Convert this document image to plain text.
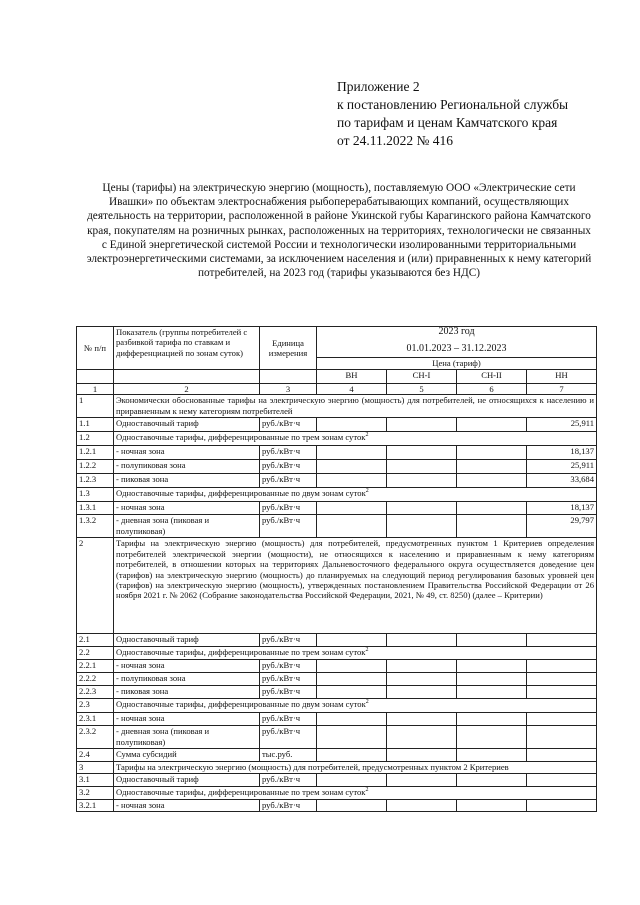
Приложение 2
к постановлению Региональной службы
по тарифам и ценам Камчатского края
от 24.11.2022 № 416
Цены (тарифы) на электрическую энергию (мощность), поставляемую ООО «Электрические сети Ивашки» по объектам электроснабжения рыбоперерабатывающих компаний, осуществляющих деятельность на территории, расположенной в районе Укинской губы Карагинского района Камчатского края, покупателям на розничных рынках, расположенных на территориях, технологически не связанных с Единой энергетической системой России и технологически изолированными территориальными электроэнергетическими системами, за исключением населения и (или) приравненных к нему категорий потребителей, на 2023 год (тарифы указываются без НДС)
№ п/п	Показатель (группы потребителей с разбивкой тарифа по ставкам и дифференциацией по зонам суток)	Единица измерения	2023 год			
			01.01.2023 – 31.12.2023			
			Цена (тариф)			
			ВН	СН-I	СН-II	НН
1	2	3	4	5	6	7
1	Экономически обоснованные тарифы на электрическую энергию (мощность) для потребителей, не относящихся к населению и приравненным к нему категориям потребителей					
1.1	Одноставочный тариф	руб./кВт·ч				25,911
1.2	Одноставочные тарифы, дифференцированные по трем зонам суток$^2$
1.2.1	- ночная зона	руб./кВт·ч				18,137
1.2.2	- полупиковая зона	руб./кВт·ч				25,911
1.2.3	- пиковая зона	руб./кВт·ч				33,684
1.3	Одноставочные тарифы, дифференцированные по двум зонам суток$^2$
1.3.1	- ночная зона	руб./кВт·ч				18,137
1.3.2	- дневная зона (пиковая и полупиковая)	руб./кВт·ч				29,797
2	Тарифы на электрическую энергию (мощность) для потребителей, предусмотренных пунктом 1 Критериев определения потребителей электрической энергии (мощности), не относящихся к населению и приравненным к нему категориям потребителей, в отношении которых на территориях Дальневосточного федерального округа осуществляется доведение цен (тарифов) на электрическую энергию (мощность) до планируемых на следующий период регулирования базовых уровней цен (тарифов) на электрическую энергию (мощность), утвержденных постановлением Правительства Российской Федерации от 26 ноября 2021 г. № 2062 (Собрание законодательства Российской Федерации, 2021, № 49, ст. 8250) (далее – Критерии)					
2.1	Одноставочный тариф	руб./кВт·ч				
2.2	Одноставочные тарифы, дифференцированные по трем зонам суток$^2$
2.2.1	- ночная зона	руб./кВт·ч				
2.2.2	- полупиковая зона	руб./кВт·ч				
2.2.3	- пиковая зона	руб./кВт·ч				
2.3	Одноставочные тарифы, дифференцированные по двум зонам суток$^2$
2.3.1	- ночная зона	руб./кВт·ч				
2.3.2	- дневная зона (пиковая и полупиковая)	руб./кВт·ч				
2.4	Сумма субсидий	тыс.руб.				
3	Тарифы на электрическую энергию (мощность) для потребителей, предусмотренных пунктом 2 Критериев					
3.1	Одноставочный тариф	руб./кВт·ч				
3.2	Одноставочные тарифы, дифференцированные по трем зонам суток$^2$
3.2.1	- ночная зона	руб./кВт·ч				
